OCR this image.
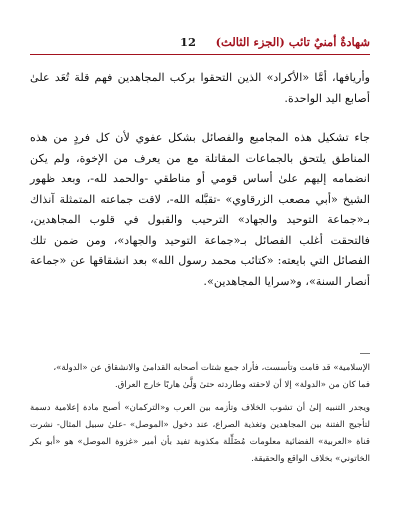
شهادةٌ أمنيٌ تائب (الجزء الثالث)
12

وأريافها، أمَّا «الأكراد» الذين التحقوا بركب المجاهدين فهم قلة تُعَد علىٰ أصابع اليد الواحدة.

جاء تشكيل هذه المجاميع والفصائل بشكل عفوي لأن كل فردٍ من هذه المناطق يلتحق بالجماعات المقاتلة مع من يعرف من الإخوة، ولم يكن انضمامه إليهم علىٰ أساس قومي أو مناطقي -والحمد لله-، وبعد ظهور الشيخ «أبي مصعب الزرقاوي» -تقبَّله الله-، لاقت جماعته المتمثلة آنذاك بـ«جماعة التوحيد والجهاد» الترحيب والقبول في قلوب المجاهدين، فالتحقت أغلب الفصائل بـ«جماعة التوحيد والجهاد»، ومن ضمن تلك الفصائل التي بايعته: «كتائب محمد رسول الله» بعد انشقاقها عن «جماعة أنصار السنة»، و«سرايا المجاهدين».

الإسلامية» قد قامت وتأسست، فأراد جمع شتات أصحابه القدامىٰ والانشقاق عن «الدولة»،

فما كان من «الدولة» إلا أن لاحقته وطاردته حتىٰ وَلَّىٰ هاربًا خارج العراق.

ويجدر التنبيه إلىٰ أن تشوب الخلاف وتأزمه بين العرب و«التركمان» أصبح مادة إعلامية دسمة لتأجيج الفتنة بين المجاهدين وتغذية الصراع، عند دخول «الموصل» -علىٰ سبيل المثال- نشرت قناة «العربية» الفضائية معلومات مُضَلِّلة مكذوبة تفيد بأن أمير «غزوة الموصل» هو «أبو بكر الخاتوني» بخلاف الواقع والحقيقة.
